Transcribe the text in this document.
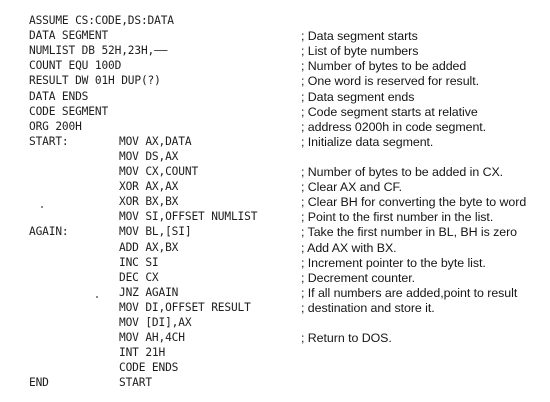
ASSUME CS:CODE,DS:DATA
DATA SEGMENT	; Data segment starts
NUMLIST DB 52H,23H,——	; List of byte numbers
COUNT EQU 100D	; Number of bytes to be added
RESULT DW 01H DUP(?)	; One word is reserved for result.
DATA ENDS	; Data segment ends
CODE SEGMENT	; Code segment starts at relative
ORG 200H	; address 0200h in code segment.
START:	MOV AX,DATA	; Initialize data segment.
MOV DS,AX
MOV CX,COUNT	; Number of bytes to be added in CX.
XOR AX,AX	; Clear AX and CF.
XOR BX,BX	; Clear BH for converting the byte to word
MOV SI,OFFSET NUMLIST	; Point to the first number in the list.
AGAIN:	MOV BL,[SI]	; Take the first number in BL, BH is zero
ADD AX,BX	; Add AX with BX.
INC SI	; Increment pointer to the byte list.
DEC CX	; Decrement counter.
JNZ AGAIN	; If all numbers are added,point to result
MOV DI,OFFSET RESULT	; destination and store it.
MOV [DI],AX
MOV AH,4CH	; Return to DOS.
INT 21H
CODE ENDS
END	START
